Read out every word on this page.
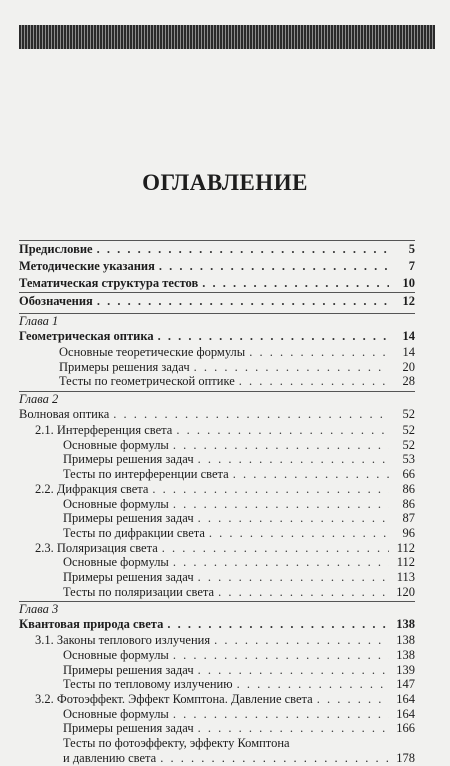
ОГЛАВЛЕНИЕ
Предисловие . . .	5
Методические указания . . .	7
Тематическая структура тестов . . .	10
Обозначения . . .	12
Глава 1
Геометрическая оптика . . .	14
Основные теоретические формулы . . .	14
Примеры решения задач . . .	20
Тесты по геометрической оптике . . .	28
Глава 2
Волновая оптика . . .	52
2.1. Интерференция света . . .	52
Основные формулы . . .	52
Примеры решения задач . . .	53
Тесты по интерференции света . . .	66
2.2. Дифракция света . . .	86
Основные формулы . . .	86
Примеры решения задач . . .	87
Тесты по дифракции света . . .	96
2.3. Поляризация света . . .	112
Основные формулы . . .	112
Примеры решения задач . . .	113
Тесты по поляризации света . . .	120
Глава 3
Квантовая природа света . . .	138
3.1. Законы теплового излучения . . .	138
Основные формулы . . .	138
Примеры решения задач . . .	139
Тесты по тепловому излучению . . .	147
3.2. Фотоэффект. Эффект Комптона. Давление света . . .	164
Основные формулы . . .	164
Примеры решения задач . . .	166
Тесты по фотоэффекту, эффекту Комптона
и давлению света . . .	178
